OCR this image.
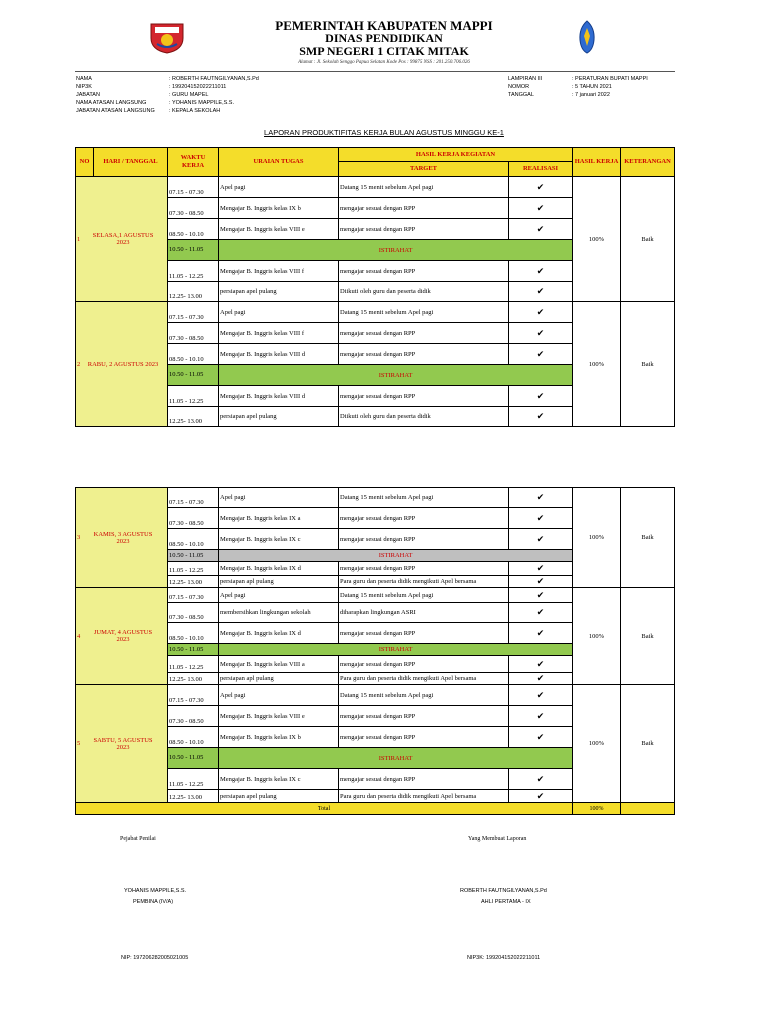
PEMERINTAH KABUPATEN MAPPI
DINAS PENDIDIKAN
SMP NEGERI 1 CITAK MITAK
Alamat : Jl. Sekolah Senggo Papua Selatan Kode Pos : 99875 NSS : 201.250.706.026
NAMA	: ROBERTH FAUTNGILYANAN,S.Pd
NIP3K	: 199204152022211011
JABATAN	: GURU MAPEL
NAMA ATASAN LANGSUNG	: YOHANIS MAPPILE,S.S.
JABATAN ATASAN LANGSUNG	: KEPALA SEKOLAH
LAMPIRAN III	: PERATURAN BUPATI MAPPI
NOMOR	: 5 TAHUN 2021
TANGGAL	: 7 januari 2022
LAPORAN PRODUKTIFITAS KERJA BULAN AGUSTUS MINGGU KE-1
NO	HARI / TANGGAL	WAKTU KERJA	URAIAN TUGAS	HASIL KERJA KEGIATAN		HASIL KERJA	KETERANGAN
				TARGET	REALISASI		
1 SELASA,1 AGUSTUS 2023		07.15 - 07.30	Apel pagi	Datang 15 menit sebelum Apel pagi	✔	100%	Baik
		07.30 - 08.50	Mengajar B. Inggris kelas IX b	mengajar sesuai dengan RPP	✔		
		08.50 - 10.10	Mengajar B. Inggris kelas VIII e	mengajar sesuai dengan RPP	✔		
		10.50 - 11.05	ISTIRAHAT				
		11.05 - 12.25	Mengajar B. Inggris kelas VIII f	mengajar sesuai dengan RPP	✔		
		12.25- 13.00	persiapan apel pulang	Diikuti oleh guru dan peserta didik	✔		
2 RABU, 2 AGUSTUS 2023		07.15 - 07.30	Apel pagi	Datang 15 menit sebelum Apel pagi	✔	100%	Baik
		07.30 - 08.50	Mengajar B. Inggris kelas VIII f	mengajar sesuai dengan RPP	✔		
		08.50 - 10.10	Mengajar B. Inggris kelas VIII d	mengajar sesuai dengan RPP	✔		
		10.50 - 11.05	ISTIRAHAT				
		11.05 - 12.25	Mengajar B. Inggris kelas VIII d	mengajar sesuai dengan RPP	✔		
		12.25- 13.00	persiapan apel pulang	Diikuti oleh guru dan peserta didik	✔		
3 KAMIS, 3 AGUSTUS 2023	07.15 - 07.30	Apel pagi	Datang 15 menit sebelum Apel pagi	✔	100%	Baik
	07.30 - 08.50	Mengajar B. Inggris kelas IX a	mengajar sesuai dengan RPP	✔		
	08.50 - 10.10	Mengajar B. Inggris kelas IX c	mengajar sesuai dengan RPP	✔		
	10.50 - 11.05	ISTIRAHAT				
	11.05 - 12.25	Mengajar B. Inggris kelas IX d	mengajar sesuai dengan RPP	✔		
	12.25- 13.00	persiapan apl pulang	Para guru dan peserta didik mengikuti Apel bersama	✔		
4 JUMAT, 4 AGUSTUS 2023	07.15 - 07.30	Apel pagi	Datang 15 menit sebelum Apel pagi	✔	100%	Baik
	07.30 - 08.50	membersihkan lingkungan sekolah	diharapkan lingkungan ASRI	✔		
	08.50 - 10.10	Mengajar B. Inggris kelas IX d	mengajar sesuai dengan RPP	✔		
	10.50 - 11.05	ISTIRAHAT				
	11.05 - 12.25	Mengajar B. Inggris kelas VIII a	mengajar sesuai dengan RPP	✔		
	12.25- 13.00	persiapan apl pulang	Para guru dan peserta didik mengikuti Apel bersama	✔		
5 SABTU, 5 AGUSTUS 2023	07.15 - 07.30	Apel pagi	Datang 15 menit sebelum Apel pagi	✔	100%	Baik
	07.30 - 08.50	Mengajar B. Inggris kelas VIII e	mengajar sesuai dengan RPP	✔		
	08.50 - 10.10	Mengajar B. Inggris kelas IX b	mengajar sesuai dengan RPP	✔		
	10.50 - 11.05	ISTIRAHAT				
	11.05 - 12.25	Mengajar B. Inggris kelas IX c	mengajar sesuai dengan RPP	✔		
	12.25- 13.00	persiapan apel pulang	Para guru dan peserta didik mengikuti Apel bersama	✔		
Total					100%	
Pejabat Penilai	Yang Membuat Laporan
YOHANIS MAPPILE,S.S.
PEMBINA (IV/A)
NIP: 197206282005021005
ROBERTH FAUTNGILYANAN,S.Pd
AHLI PERTAMA - IX
NIP3K: 199204152022211011
